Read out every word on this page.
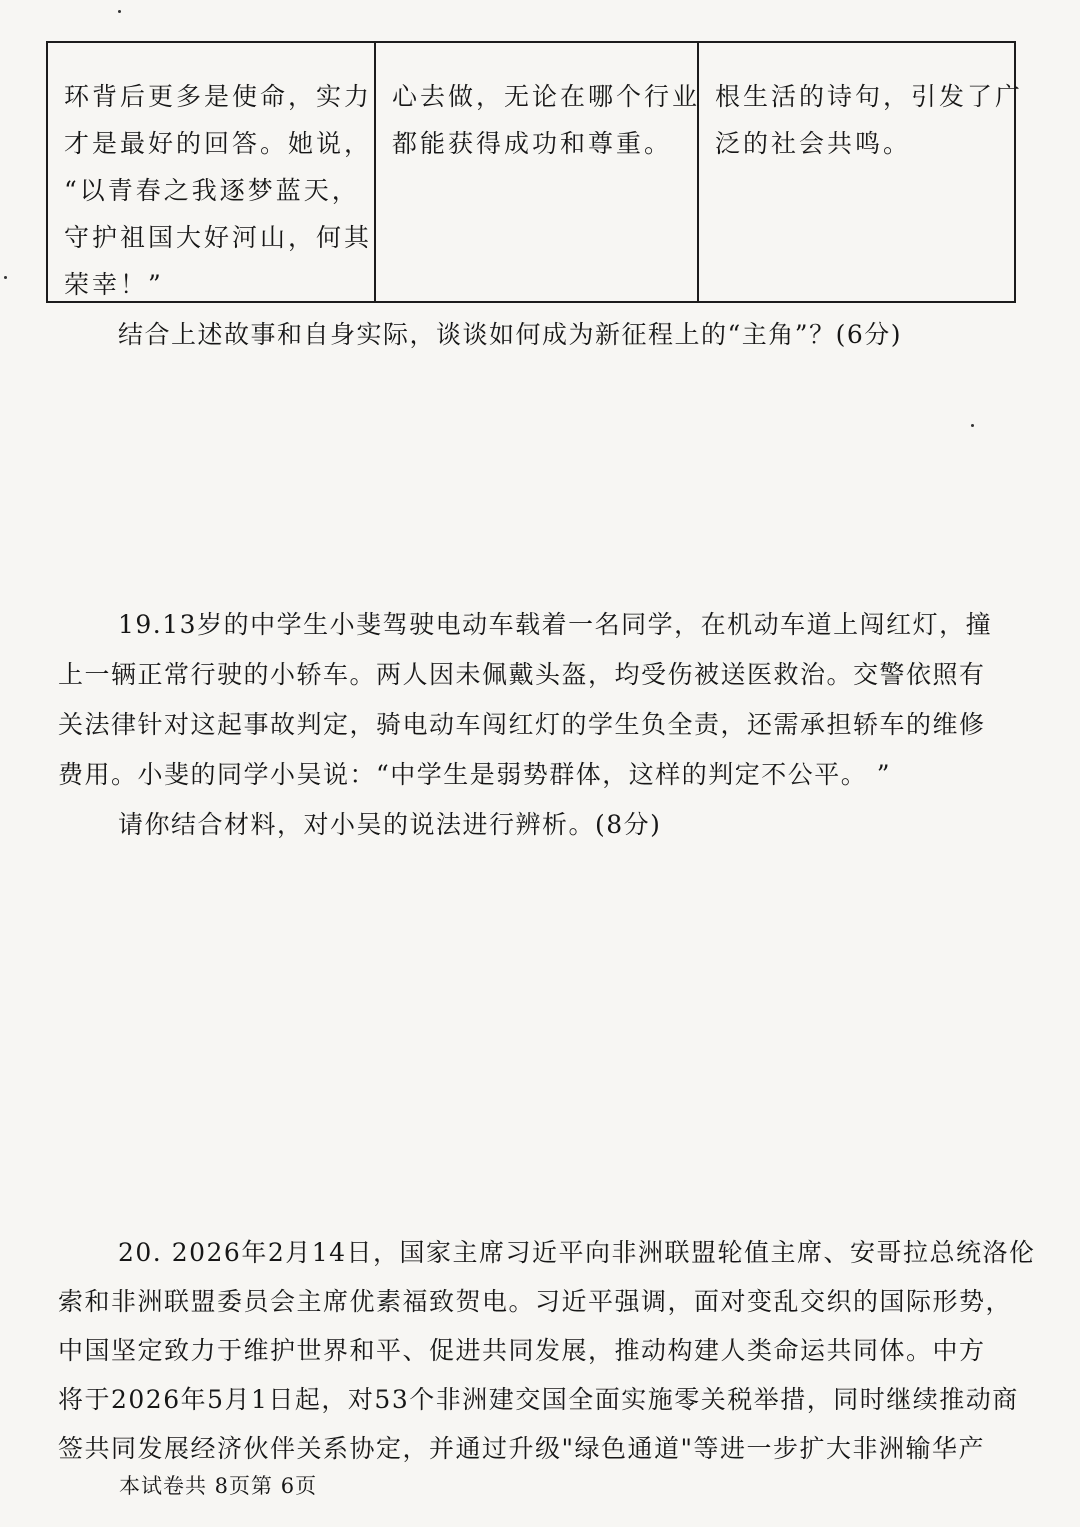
环背后更多是使命，实力
才是最好的回答。她说，
“以青春之我逐梦蓝天，
守护祖国大好河山，何其
荣幸！”
心去做，无论在哪个行业
都能获得成功和尊重。
根生活的诗句，引发了广
泛的社会共鸣。
结合上述故事和自身实际，谈谈如何成为新征程上的“主角”？(6分)
19.13岁的中学生小斐驾驶电动车载着一名同学，在机动车道上闯红灯，撞
上一辆正常行驶的小轿车。两人因未佩戴头盔，均受伤被送医救治。交警依照有
关法律针对这起事故判定，骑电动车闯红灯的学生负全责，还需承担轿车的维修
费用。小斐的同学小吴说：“中学生是弱势群体，这样的判定不公平。 ”
请你结合材料，对小吴的说法进行辨析。(8分)
20. 2026年2月14日，国家主席习近平向非洲联盟轮值主席、安哥拉总统洛伦
索和非洲联盟委员会主席优素福致贺电。习近平强调，面对变乱交织的国际形势，
中国坚定致力于维护世界和平、促进共同发展，推动构建人类命运共同体。中方
将于2026年5月1日起，对53个非洲建交国全面实施零关税举措，同时继续推动商
签共同发展经济伙伴关系协定，并通过升级"绿色通道"等进一步扩大非洲输华产
本试卷共 8页第 6页
